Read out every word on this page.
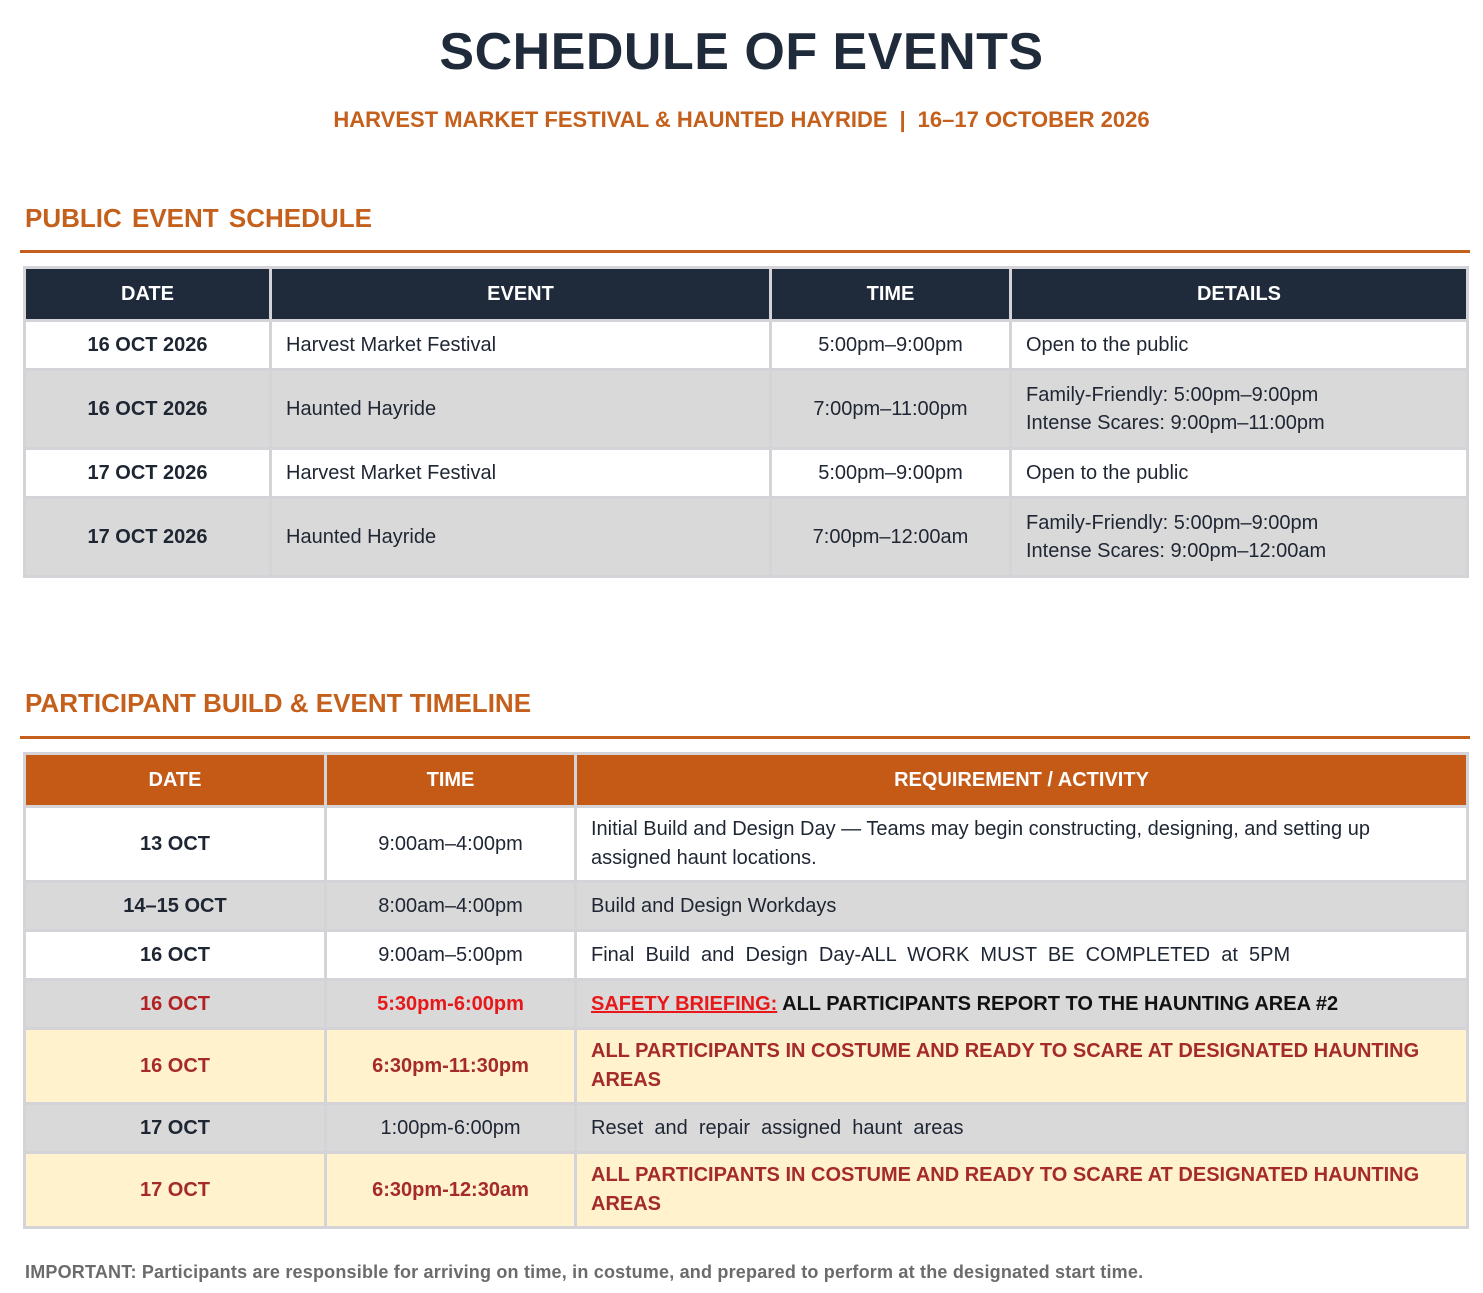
SCHEDULE OF EVENTS

HARVEST MARKET FESTIVAL & HAUNTED HAYRIDE | 16–17 OCTOBER 2026

PUBLIC EVENT SCHEDULE
DATE	EVENT	TIME	DETAILS
16 OCT 2026	Harvest Market Festival	5:00pm–9:00pm	Open to the public

16 OCT 2026	Haunted Hayride	7:00pm–11:00pm	Family-Friendly: 5:00pm–9:00pm
Intense Scares: 9:00pm–11:00pm

17 OCT 2026	Harvest Market Festival	5:00pm–9:00pm	Open to the public

17 OCT 2026	Haunted Hayride	7:00pm–12:00am	Family-Friendly: 5:00pm–9:00pm
Intense Scares: 9:00pm–12:00am
PARTICIPANT BUILD & EVENT TIMELINE
DATE	TIME	REQUIREMENT / ACTIVITY
13 OCT	9:00am–4:00pm	Initial Build and Design Day — Teams may begin constructing, designing, and setting up assigned haunt locations.
14–15 OCT	8:00am–4:00pm	Build and Design Workdays
16 OCT	9:00am–5:00pm	Final  Build  and  Design  Day-ALL  WORK  MUST  BE  COMPLETED  at  5PM
16 OCT	5:30pm-6:00pm	SAFETY BRIEFING: ALL PARTICIPANTS REPORT TO THE HAUNTING AREA #2
16 OCT	6:30pm-11:30pm	ALL PARTICIPANTS IN COSTUME AND READY TO SCARE AT DESIGNATED HAUNTING AREAS
17 OCT	1:00pm-6:00pm	Reset  and  repair  assigned  haunt  areas
17 OCT	6:30pm-12:30am	ALL PARTICIPANTS IN COSTUME AND READY TO SCARE AT DESIGNATED HAUNTING AREAS

IMPORTANT: Participants are responsible for arriving on time, in costume, and prepared to perform at the designated start time.
